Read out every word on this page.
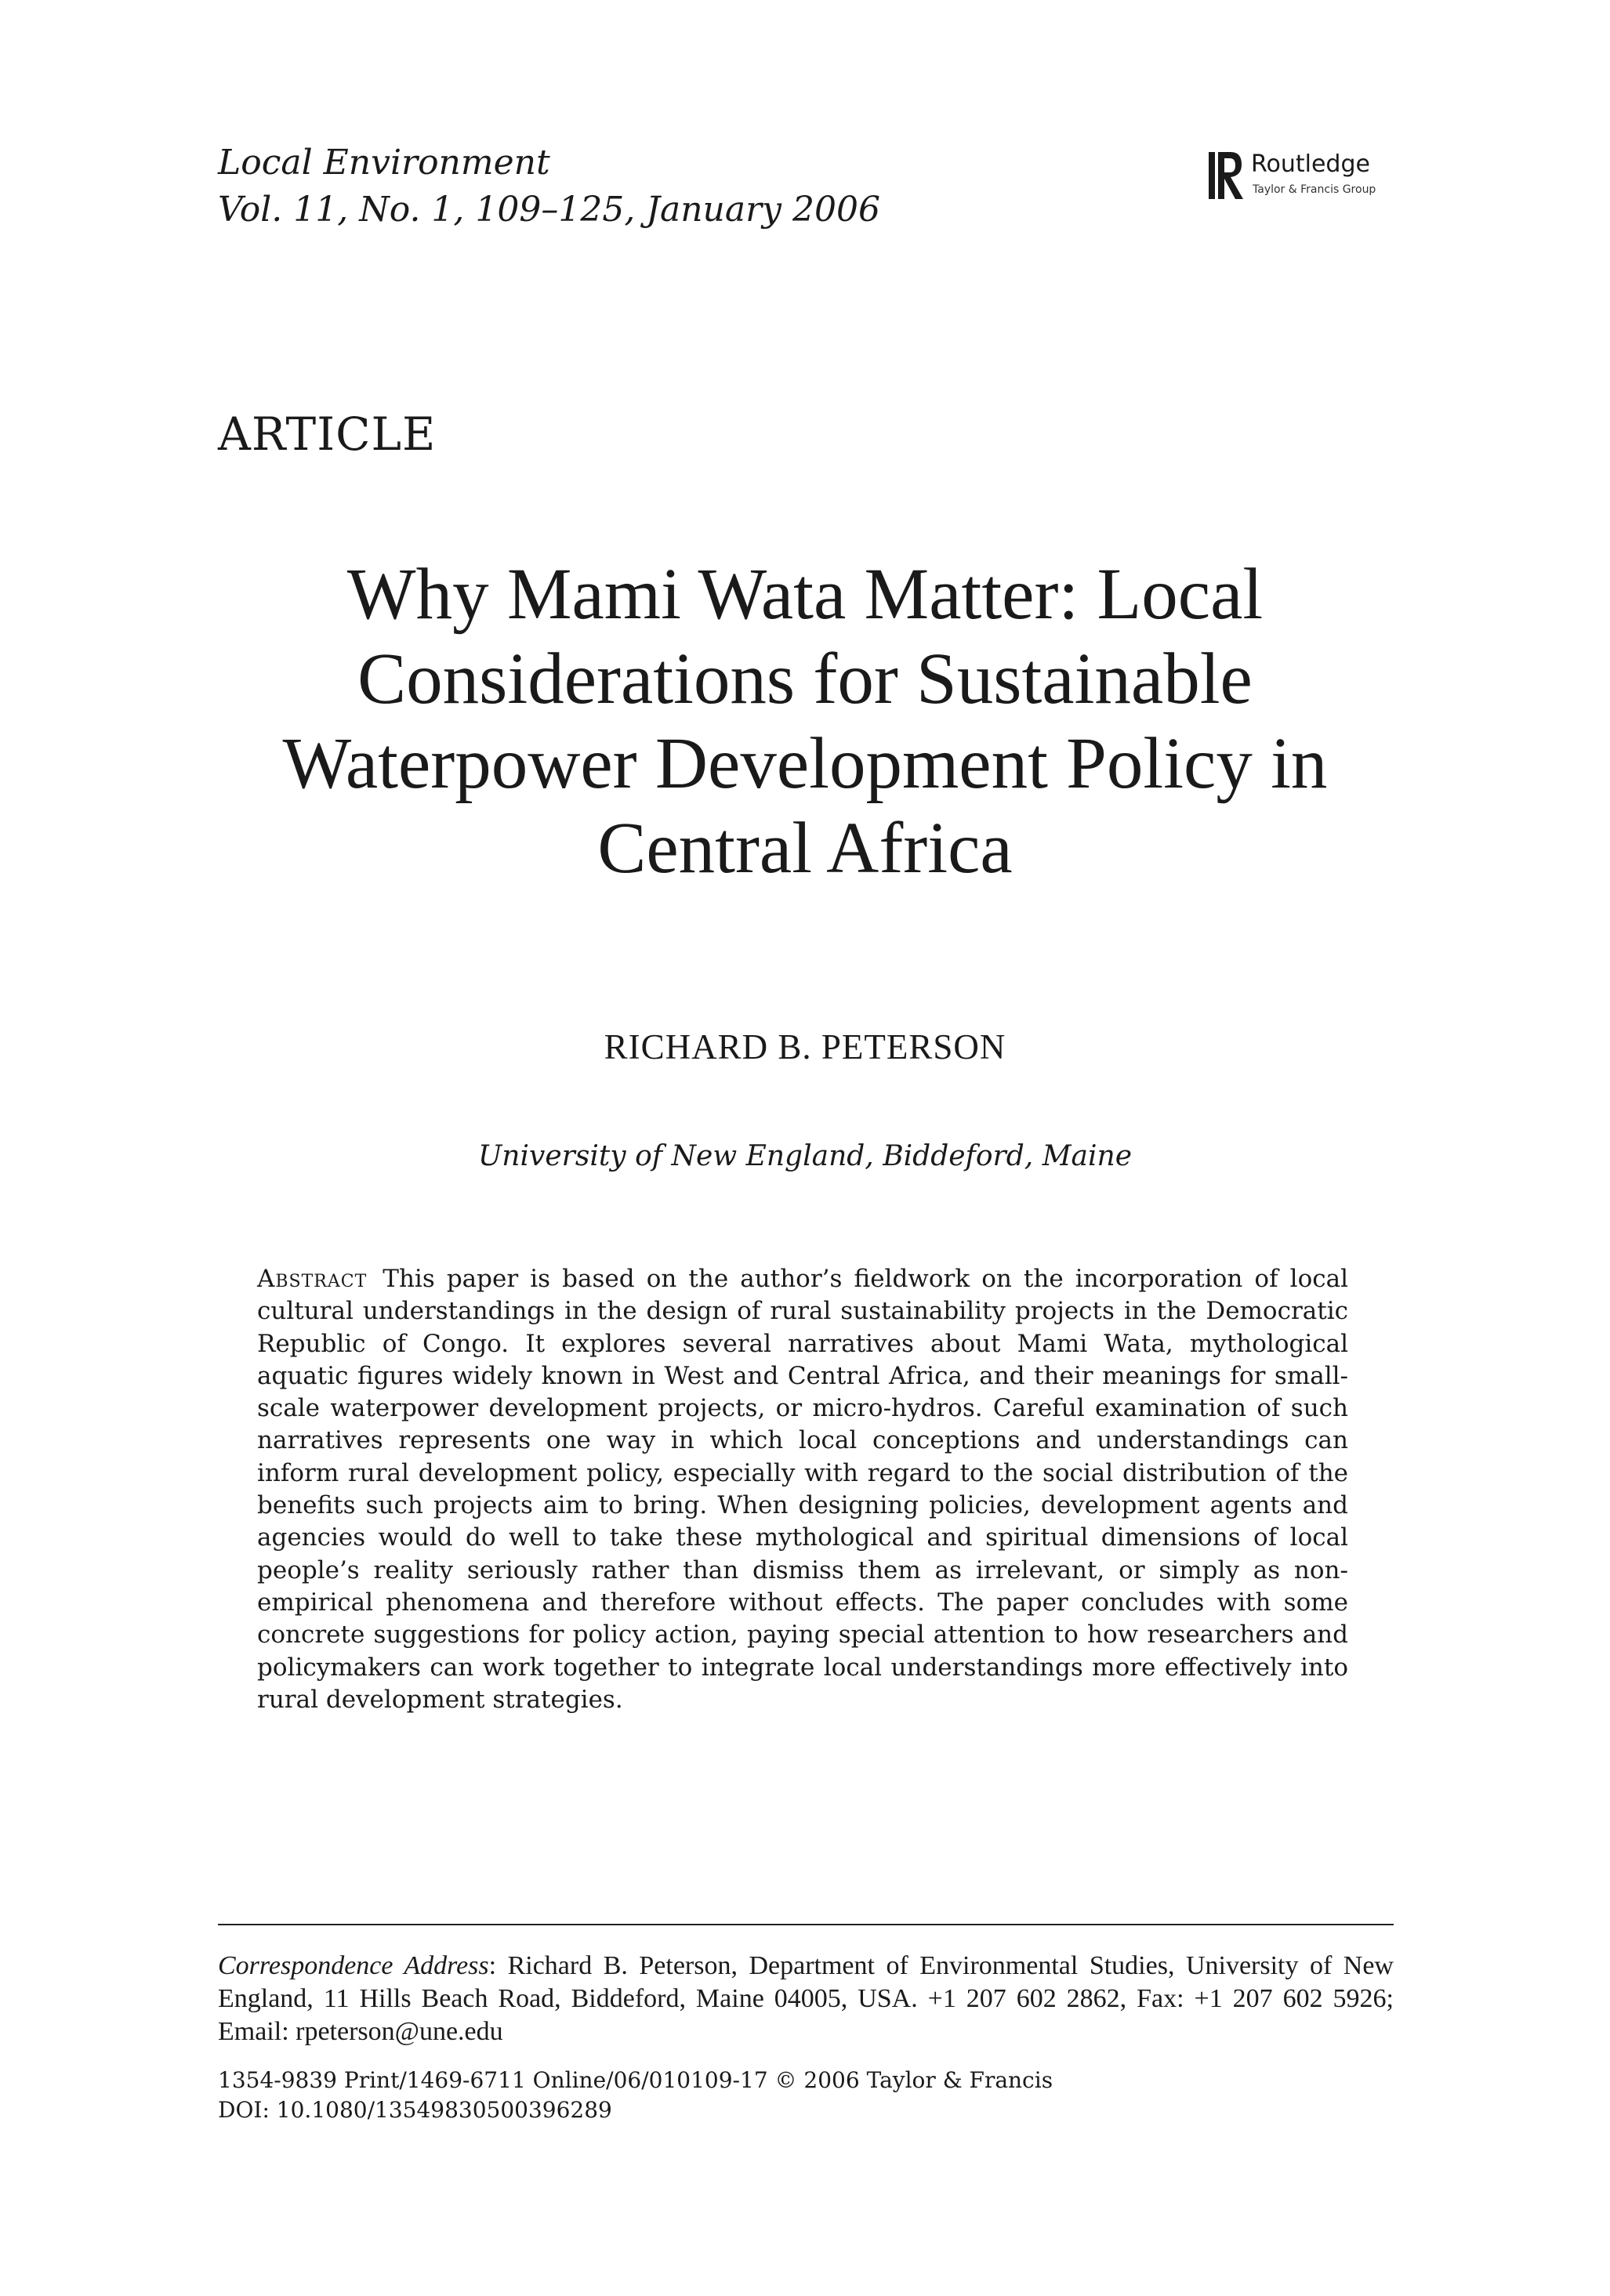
Local Environment
Vol. 11, No. 1, 109–125, January 2006
Routledge
Taylor & Francis Group
ARTICLE
Why Mami Wata Matter: Local Considerations for Sustainable Waterpower Development Policy in Central Africa
RICHARD B. PETERSON
University of New England, Biddeford, Maine
Abstract This paper is based on the author’s fieldwork on the incorporation of local cultural understandings in the design of rural sustainability projects in the Democratic Republic of Congo. It explores several narratives about Mami Wata, mythological aquatic figures widely known in West and Central Africa, and their meanings for small-scale waterpower development projects, or micro-hydros. Careful examination of such narratives represents one way in which local conceptions and understandings can inform rural development policy, especially with regard to the social distribution of the benefits such projects aim to bring. When designing policies, development agents and agencies would do well to take these mythological and spiritual dimensions of local people’s reality seriously rather than dismiss them as irrelevant, or simply as non-empirical phenomena and therefore without effects. The paper concludes with some concrete suggestions for policy action, paying special attention to how researchers and policymakers can work together to integrate local understandings more effectively into rural development strategies.
Correspondence Address: Richard B. Peterson, Department of Environmental Studies, University of New England, 11 Hills Beach Road, Biddeford, Maine 04005, USA. +1 207 602 2862, Fax: +1 207 602 5926; Email: rpeterson@une.edu
1354-9839 Print/1469-6711 Online/06/010109-17 © 2006 Taylor & Francis
DOI: 10.1080/13549830500396289
